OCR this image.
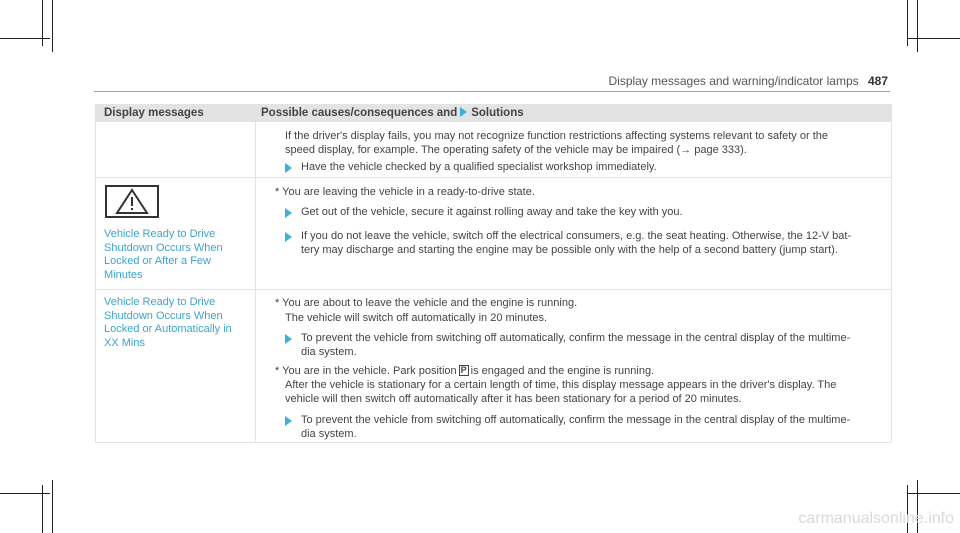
Display messages and warning/indicator lamps 487
Display messages	Possible causes/consequences and Solutions
If the driver's display fails, you may not recognize function restrictions affecting systems relevant to safety or the
speed display, for example. The operating safety of the vehicle may be impaired (→ page 333).
Have the vehicle checked by a qualified specialist workshop immediately.
Vehicle Ready to Drive
Shutdown Occurs When
Locked or After a Few
Minutes
* You are leaving the vehicle in a ready-to-drive state.
Get out of the vehicle, secure it against rolling away and take the key with you.
If you do not leave the vehicle, switch off the electrical consumers, e.g. the seat heating. Otherwise, the 12-V bat-
tery may discharge and starting the engine may be possible only with the help of a second battery (jump start).
Vehicle Ready to Drive
Shutdown Occurs When
Locked or Automatically in
XX Mins
* You are about to leave the vehicle and the engine is running.
The vehicle will switch off automatically in 20 minutes.
To prevent the vehicle from switching off automatically, confirm the message in the central display of the multime-
dia system.
* You are in the vehicle. Park position P is engaged and the engine is running.
After the vehicle is stationary for a certain length of time, this display message appears in the driver's display. The
vehicle will then switch off automatically after it has been stationary for a period of 20 minutes.
To prevent the vehicle from switching off automatically, confirm the message in the central display of the multime-
dia system.
carmanualsonline.info
